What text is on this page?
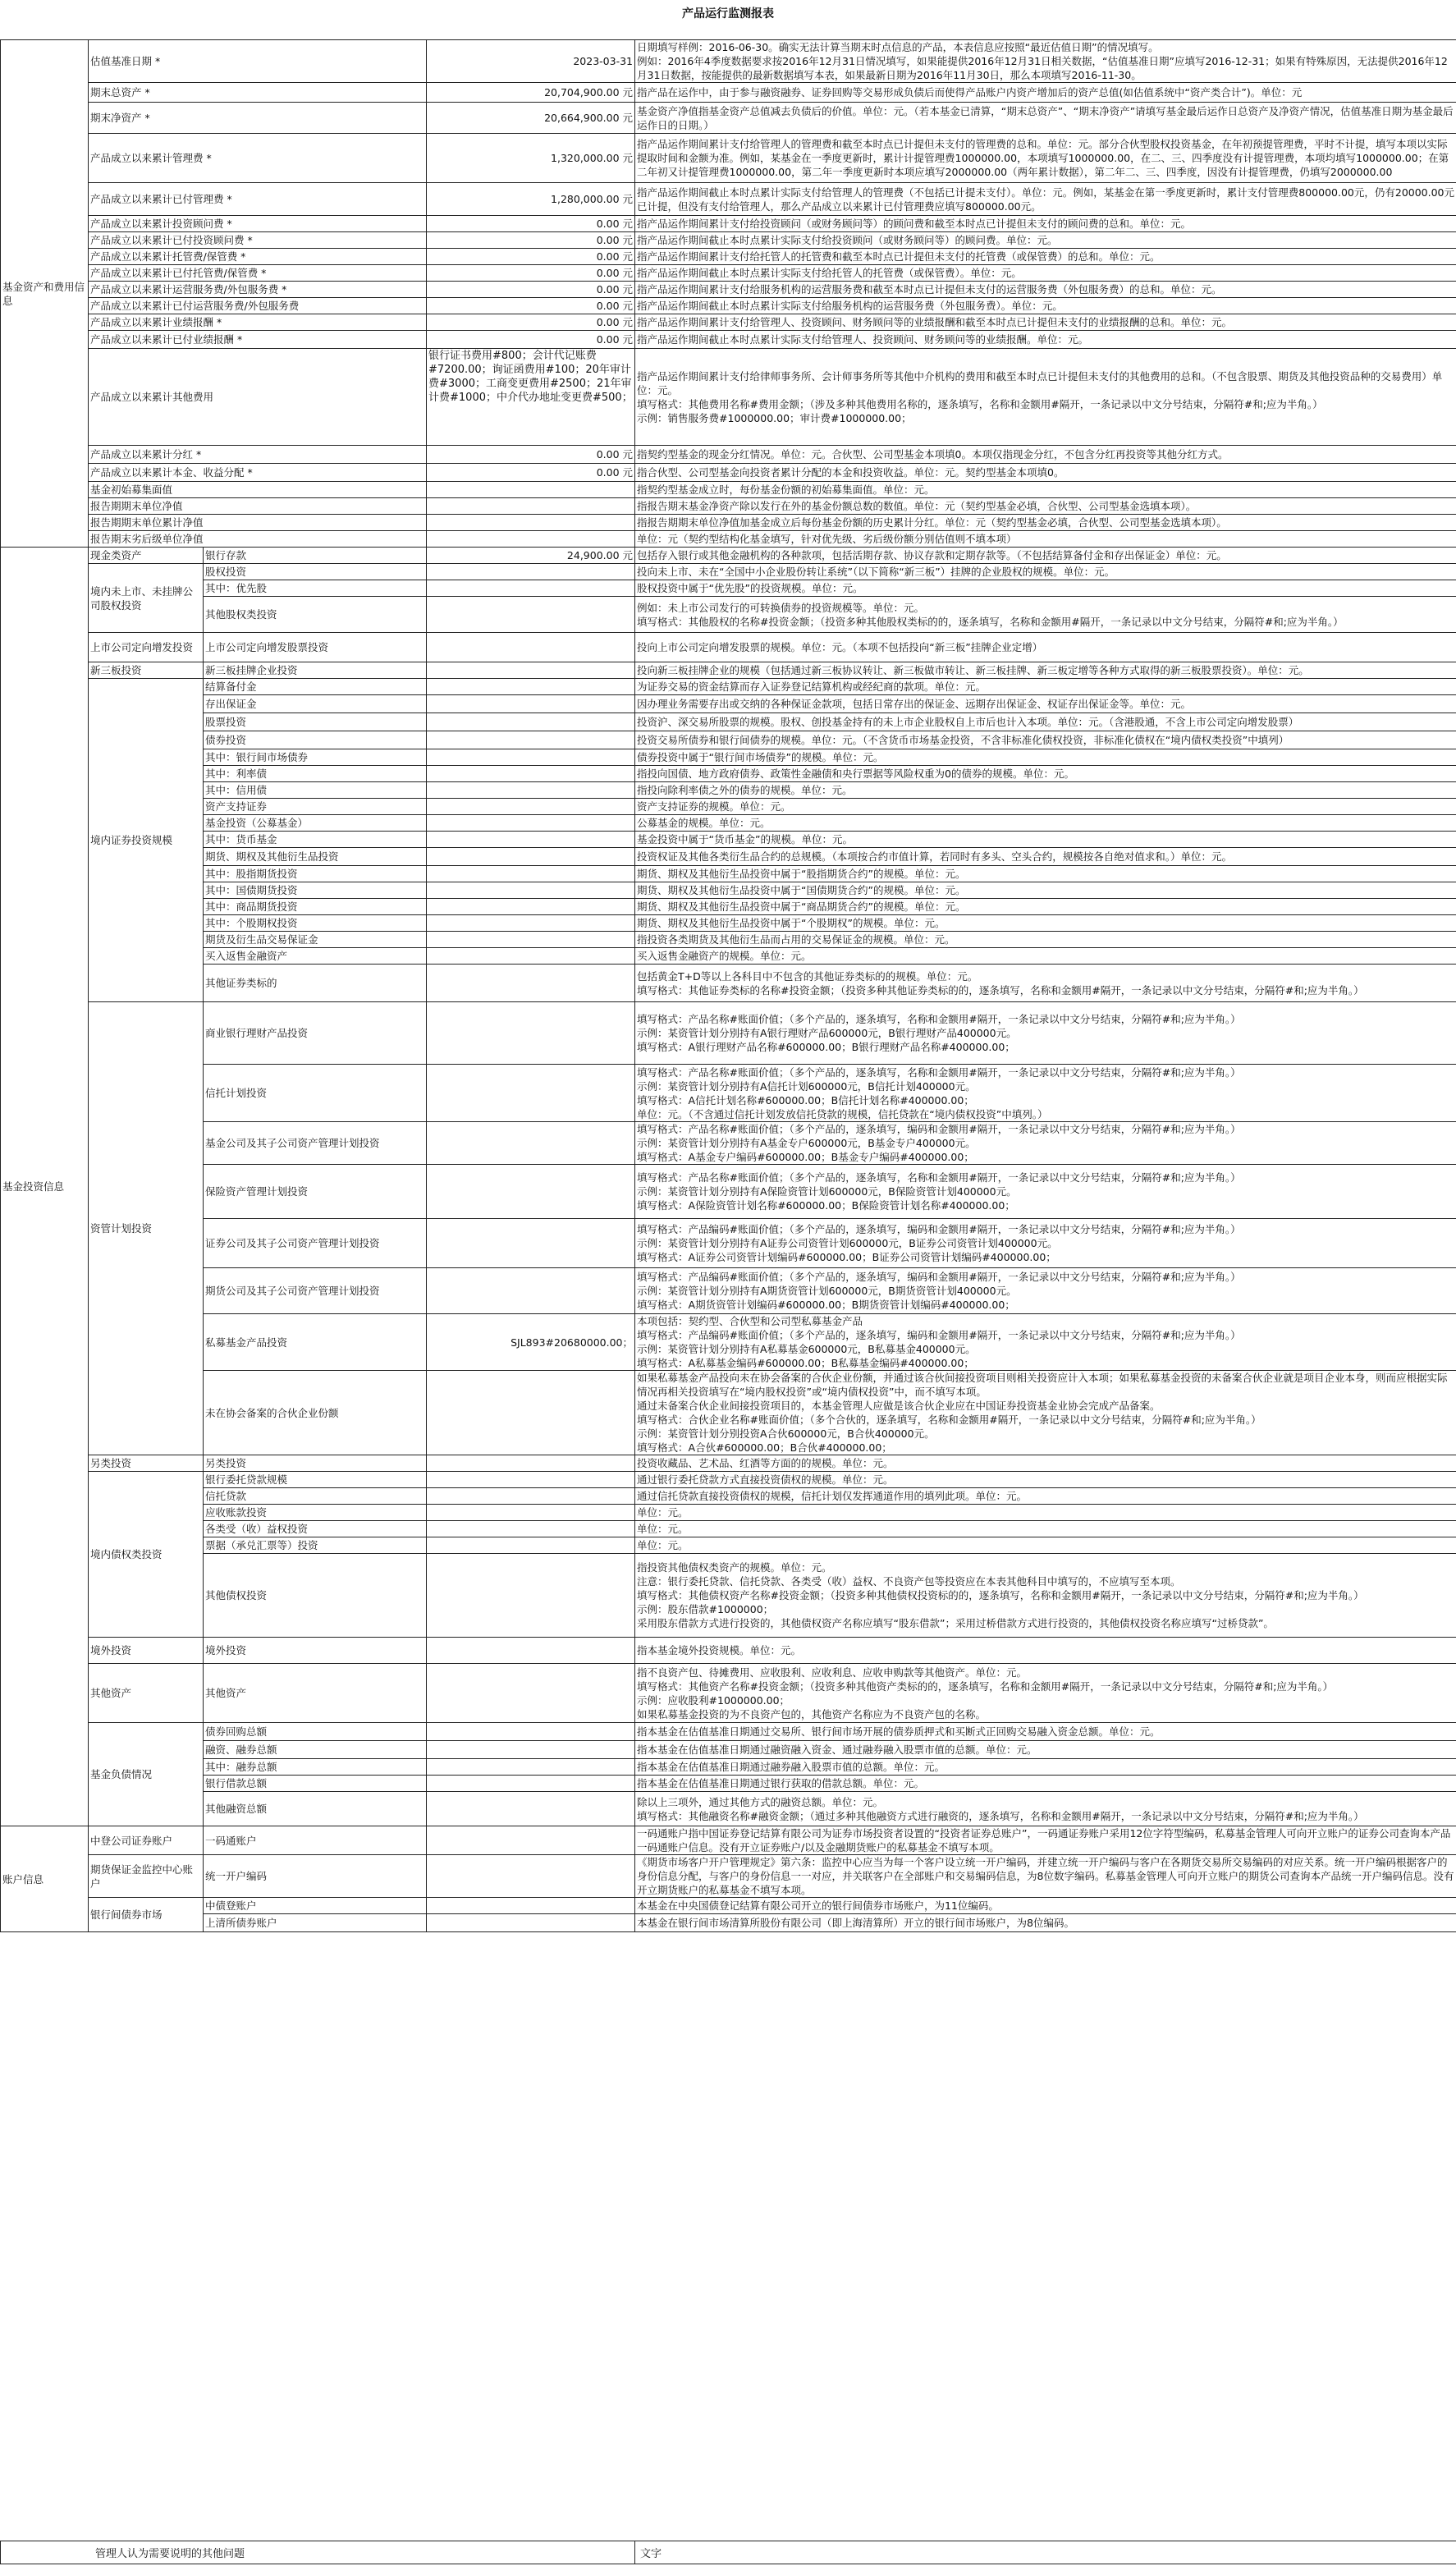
产品运行监测报表
基金资产和费用信息	估值基准日期 *		2023-03-31	日期填写样例：2016-06-30。确实无法计算当期末时点信息的产品，本表信息应按照“最近估值日期”的情况填写。
例如：2016年4季度数据要求按2016年12月31日情况填写，如果能提供2016年12月31日相关数据，“估值基准日期”应填写2016-12-31；如果有特殊原因，无法提供2016年12月31日数据，按能提供的最新数据填写本表，如果最新日期为2016年11月30日，那么本项填写2016-11-30。

	期末总资产 *		20,704,900.00 元	指产品在运作中，由于参与融资融券、证券回购等交易形成负债后而使得产品账户内资产增加后的资产总值(如估值系统中“资产类合计”)。单位：元

	期末净资产 *		20,664,900.00 元	基金资产净值指基金资产总值减去负债后的价值。单位：元。（若本基金已清算，“期末总资产”、“期末净资产”请填写基金最后运作日总资产及净资产情况，估值基准日期为基金最后运作日的日期。）

	产品成立以来累计管理费 *		1,320,000.00 元	指产品运作期间累计支付给管理人的管理费和截至本时点已计提但未支付的管理费的总和。单位：元。部分合伙型股权投资基金，在年初预提管理费，平时不计提，填写本项以实际提取时间和金额为准。例如，某基金在一季度更新时，累计计提管理费1000000.00，本项填写1000000.00，在二、三、四季度没有计提管理费，本项均填写1000000.00；在第二年初又计提管理费1000000.00，第二年一季度更新时本项应填写2000000.00（两年累计数据），第二年二、三、四季度，因没有计提管理费，仍填写2000000.00

	产品成立以来累计已付管理费 *		1,280,000.00 元	指产品运作期间截止本时点累计实际支付给管理人的管理费（不包括已计提未支付）。单位：元。例如，某基金在第一季度更新时，累计支付管理费800000.00元，仍有20000.00元已计提，但没有支付给管理人，那么产品成立以来累计已付管理费应填写800000.00元。

	产品成立以来累计投资顾问费 *		0.00 元	指产品运作期间累计支付给投资顾问（或财务顾问等）的顾问费和截至本时点已计提但未支付的顾问费的总和。单位：元。

	产品成立以来累计已付投资顾问费 *		0.00 元	指产品运作期间截止本时点累计实际支付给投资顾问（或财务顾问等）的顾问费。单位：元。

	产品成立以来累计托管费/保管费 *		0.00 元	指产品运作期间累计支付给托管人的托管费和截至本时点已计提但未支付的托管费（或保管费）的总和。单位：元。

	产品成立以来累计已付托管费/保管费 *		0.00 元	指产品运作期间截止本时点累计实际支付给托管人的托管费（或保管费）。单位：元。

	产品成立以来累计运营服务费/外包服务费 *		0.00 元	指产品运作期间累计支付给服务机构的运营服务费和截至本时点已计提但未支付的运营服务费（外包服务费）的总和。单位：元。

	产品成立以来累计已付运营服务费/外包服务费		0.00 元	指产品运作期间截止本时点累计实际支付给服务机构的运营服务费（外包服务费）。单位：元。

	产品成立以来累计业绩报酬 *		0.00 元	指产品运作期间累计支付给管理人、投资顾问、财务顾问等的业绩报酬和截至本时点已计提但未支付的业绩报酬的总和。单位：元。

	产品成立以来累计已付业绩报酬 *		0.00 元	指产品运作期间截止本时点累计实际支付给管理人、投资顾问、财务顾问等的业绩报酬。单位：元。

	产品成立以来累计其他费用		银行证书费用#800；会计代记账费#7200.00；询证函费用#100；20年审计费#3000；工商变更费用#2500；21年审计费#1000；中介代办地址变更费#500；	指产品运作期间累计支付给律师事务所、会计师事务所等其他中介机构的费用和截至本时点已计提但未支付的其他费用的总和。（不包含股票、期货及其他投资品种的交易费用）单位：元。
填写格式：其他费用名称#费用金额；（涉及多种其他费用名称的，逐条填写，名称和金额用#隔开，一条记录以中文分号结束，分隔符#和;应为半角。）
示例：销售服务费#1000000.00；审计费#1000000.00；

	产品成立以来累计分红 *		0.00 元	指契约型基金的现金分红情况。单位：元。合伙型、公司型基金本项填0。本项仅指现金分红，不包含分红再投资等其他分红方式。

	产品成立以来累计本金、收益分配 *		0.00 元	指合伙型、公司型基金向投资者累计分配的本金和投资收益。单位：元。契约型基金本项填0。

	基金初始募集面值			指契约型基金成立时，每份基金份额的初始募集面值。单位：元。

	报告期期末单位净值			指报告期末基金净资产除以发行在外的基金份额总数的数值。单位：元（契约型基金必填，合伙型、公司型基金选填本项）。

	报告期期末单位累计净值			指报告期期末单位净值加基金成立后每份基金份额的历史累计分红。单位：元（契约型基金必填，合伙型、公司型基金选填本项）。

	报告期末劣后级单位净值			单位：元（契约型结构化基金填写，针对优先级、劣后级份额分别估值则不填本项）

基金投资信息	现金类资产	银行存款	24,900.00 元	包括存入银行或其他金融机构的各种款项，包括活期存款、协议存款和定期存款等。（不包括结算备付金和存出保证金）单位：元。

	境内未上市、未挂牌公司股权投资	股权投资		投向未上市、未在“全国中小企业股份转让系统”（以下简称“新三板”）挂牌的企业股权的规模。单位：元。

		其中：优先股		股权投资中属于“优先股”的投资规模。单位：元。

		其他股权类投资		例如：未上市公司发行的可转换债券的投资规模等。单位：元。
填写格式：其他股权的名称#投资金额；（投资多种其他股权类标的的，逐条填写，名称和金额用#隔开，一条记录以中文分号结束，分隔符#和;应为半角。）

	上市公司定向增发投资	上市公司定向增发股票投资		投向上市公司定向增发股票的规模。单位：元。（本项不包括投向“新三板”挂牌企业定增）

	新三板投资	新三板挂牌企业投资		投向新三板挂牌企业的规模（包括通过新三板协议转让、新三板做市转让、新三板挂牌、新三板定增等各种方式取得的新三板股票投资）。单位：元。

	境内证券投资规模	结算备付金		为证券交易的资金结算而存入证券登记结算机构或经纪商的款项。单位：元。

		存出保证金		因办理业务需要存出或交纳的各种保证金款项，包括日常存出的保证金、远期存出保证金、权证存出保证金等。单位：元。

		股票投资		投资沪、深交易所股票的规模。股权、创投基金持有的未上市企业股权自上市后也计入本项。单位：元。（含港股通，不含上市公司定向增发股票）

		债券投资		投资交易所债券和银行间债券的规模。单位：元。（不含货币市场基金投资，不含非标准化债权投资，非标准化债权在“境内债权类投资”中填列）

		其中：银行间市场债券		债券投资中属于“银行间市场债券”的规模。单位：元。

		其中：利率债		指投向国债、地方政府债券、政策性金融债和央行票据等风险权重为0的债券的规模。单位：元。

		其中：信用债		指投向除利率债之外的债券的规模。单位：元。

		资产支持证券		资产支持证券的规模。单位：元。

		基金投资（公募基金）		公募基金的规模。单位：元。

		其中：货币基金		基金投资中属于“货币基金”的规模。单位：元。

		期货、期权及其他衍生品投资		投资权证及其他各类衍生品合约的总规模。（本项按合约市值计算，若同时有多头、空头合约，规模按各自绝对值求和。）单位：元。

		其中：股指期货投资		期货、期权及其他衍生品投资中属于“股指期货合约”的规模。单位：元。

		其中：国债期货投资		期货、期权及其他衍生品投资中属于“国债期货合约”的规模。单位：元。

		其中：商品期货投资		期货、期权及其他衍生品投资中属于“商品期货合约”的规模。单位：元。

		其中：个股期权投资		期货、期权及其他衍生品投资中属于“个股期权”的规模。单位：元。

		期货及衍生品交易保证金		指投资各类期货及其他衍生品而占用的交易保证金的规模。单位：元。

		买入返售金融资产		买入返售金融资产的规模。单位：元。

		其他证券类标的		包括黄金T+D等以上各科目中不包含的其他证券类标的的规模。单位：元。
填写格式：其他证券类标的名称#投资金额；（投资多种其他证券类标的的，逐条填写，名称和金额用#隔开，一条记录以中文分号结束，分隔符#和;应为半角。）

	资管计划投资	商业银行理财产品投资		填写格式：产品名称#账面价值；（多个产品的，逐条填写，名称和金额用#隔开，一条记录以中文分号结束，分隔符#和;应为半角。）
示例：某资管计划分别持有A银行理财产品600000元，B银行理财产品400000元。
填写格式：A银行理财产品名称#600000.00；B银行理财产品名称#400000.00；

		信托计划投资		填写格式：产品名称#账面价值；（多个产品的，逐条填写，名称和金额用#隔开，一条记录以中文分号结束，分隔符#和;应为半角。）
示例：某资管计划分别持有A信托计划600000元，B信托计划400000元。
填写格式：A信托计划名称#600000.00；B信托计划名称#400000.00；
单位：元。（不含通过信托计划发放信托贷款的规模，信托贷款在“境内债权投资”中填列。）

		基金公司及其子公司资产管理计划投资		填写格式：产品名称#账面价值；（多个产品的，逐条填写，编码和金额用#隔开，一条记录以中文分号结束，分隔符#和;应为半角。）
示例：某资管计划分别持有A基金专户600000元，B基金专户400000元。
填写格式：A基金专户编码#600000.00；B基金专户编码#400000.00；

		保险资产管理计划投资		填写格式：产品名称#账面价值；（多个产品的，逐条填写，名称和金额用#隔开，一条记录以中文分号结束，分隔符#和;应为半角。）
示例：某资管计划分别持有A保险资管计划600000元，B保险资管计划400000元。
填写格式：A保险资管计划名称#600000.00；B保险资管计划名称#400000.00；

		证券公司及其子公司资产管理计划投资		填写格式：产品编码#账面价值；（多个产品的，逐条填写，编码和金额用#隔开，一条记录以中文分号结束，分隔符#和;应为半角。）
示例：某资管计划分别持有A证券公司资管计划600000元，B证券公司资管计划400000元。
填写格式：A证券公司资管计划编码#600000.00；B证券公司资管计划编码#400000.00；

		期货公司及其子公司资产管理计划投资		填写格式：产品编码#账面价值；（多个产品的，逐条填写，编码和金额用#隔开，一条记录以中文分号结束，分隔符#和;应为半角。）
示例：某资管计划分别持有A期货资管计划600000元，B期货资管计划400000元。
填写格式：A期货资管计划编码#600000.00；B期货资管计划编码#400000.00；

		私募基金产品投资	SJL893#20680000.00；	本项包括：契约型、合伙型和公司型私募基金产品
填写格式：产品编码#账面价值；（多个产品的，逐条填写，编码和金额用#隔开，一条记录以中文分号结束，分隔符#和;应为半角。）
示例：某资管计划分别持有A私募基金600000元，B私募基金400000元。
填写格式：A私募基金编码#600000.00；B私募基金编码#400000.00；

		未在协会备案的合伙企业份额		如果私募基金产品投向未在协会备案的合伙企业份额，并通过该合伙间接投资项目则相关投资应计入本项；如果私募基金投资的未备案合伙企业就是项目企业本身，则而应根据实际情况再相关投资填写在“境内股权投资”或“境内债权投资”中，而不填写本项。
通过未备案合伙企业间接投资项目的，本基金管理人应做是该合伙企业应在中国证券投资基金业协会完成产品备案。
填写格式：合伙企业名称#账面价值；（多个合伙的，逐条填写，名称和金额用#隔开，一条记录以中文分号结束，分隔符#和;应为半角。）
示例：某资管计划分别投资A合伙600000元，B合伙400000元。
填写格式：A合伙#600000.00；B合伙#400000.00；

	另类投资	另类投资		投资收藏品、艺术品、红酒等方面的的规模。单位：元。

	境内债权类投资	银行委托贷款规模		通过银行委托贷款方式直接投资债权的规模。单位：元。

		信托贷款		通过信托贷款直接投资债权的规模，信托计划仅发挥通道作用的填列此项。单位：元。

		应收账款投资		单位：元。

		各类受（收）益权投资		单位：元。

		票据（承兑汇票等）投资		单位：元。

		其他债权投资		指投资其他债权类资产的规模。单位：元。
注意：银行委托贷款、信托贷款、各类受（收）益权、不良资产包等投资应在本表其他科目中填写的，不应填写至本项。
填写格式：其他债权资产名称#投资金额；（投资多种其他债权投资标的的，逐条填写，名称和金额用#隔开，一条记录以中文分号结束，分隔符#和;应为半角。）
示例：股东借款#1000000；
采用股东借款方式进行投资的，其他债权资产名称应填写“股东借款”；采用过桥借款方式进行投资的，其他债权投资名称应填写“过桥贷款”。

	境外投资	境外投资		指本基金境外投资规模。单位：元。

	其他资产	其他资产		指不良资产包、待摊费用、应收股利、应收利息、应收申购款等其他资产。单位：元。
填写格式：其他资产名称#投资金额；（投资多种其他资产类标的的，逐条填写，名称和金额用#隔开，一条记录以中文分号结束，分隔符#和;应为半角。）
示例：应收股利#1000000.00；
如果私募基金投资的为不良资产包的，其他资产名称应为不良资产包的名称。

	基金负债情况	债券回购总额		指本基金在估值基准日期通过交易所、银行间市场开展的债券质押式和买断式正回购交易融入资金总额。单位：元。

		融资、融券总额		指本基金在估值基准日期通过融资融入资金、通过融券融入股票市值的总额。单位：元。

		其中：融券总额		指本基金在估值基准日期通过融券融入股票市值的总额。单位：元。

		银行借款总额		指本基金在估值基准日期通过银行获取的借款总额。单位：元。

		其他融资总额		除以上三项外，通过其他方式的融资总额。单位：元。
填写格式：其他融资名称#融资金额；（通过多种其他融资方式进行融资的，逐条填写，名称和金额用#隔开，一条记录以中文分号结束，分隔符#和;应为半角。）

账户信息	中登公司证券账户	一码通账户		一码通账户指中国证券登记结算有限公司为证券市场投资者设置的“投资者证券总账户”，一码通证券账户采用12位字符型编码，私募基金管理人可向开立账户的证券公司查询本产品一码通账户信息。没有开立证券账户/以及金融期货账户的私募基金不填写本项。

	期货保证金监控中心账户	统一开户编码		《期货市场客户开户管理规定》第六条：监控中心应当为每一个客户设立统一开户编码，并建立统一开户编码与客户在各期货交易所交易编码的对应关系。统一开户编码根据客户的身份信息分配，与客户的身份信息一一对应，并关联客户在全部账户和交易编码信息，为8位数字编码。私募基金管理人可向开立账户的期货公司查询本产品统一开户编码信息。没有开立期货账户的私募基金不填写本项。

	银行间债券市场	中债登账户		本基金在中央国债登记结算有限公司开立的银行间债券市场账户，为11位编码。

		上清所债券账户		本基金在银行间市场清算所股份有限公司（即上海清算所）开立的银行间市场账户，为8位编码。
管理人认为需要说明的其他问题	文字
